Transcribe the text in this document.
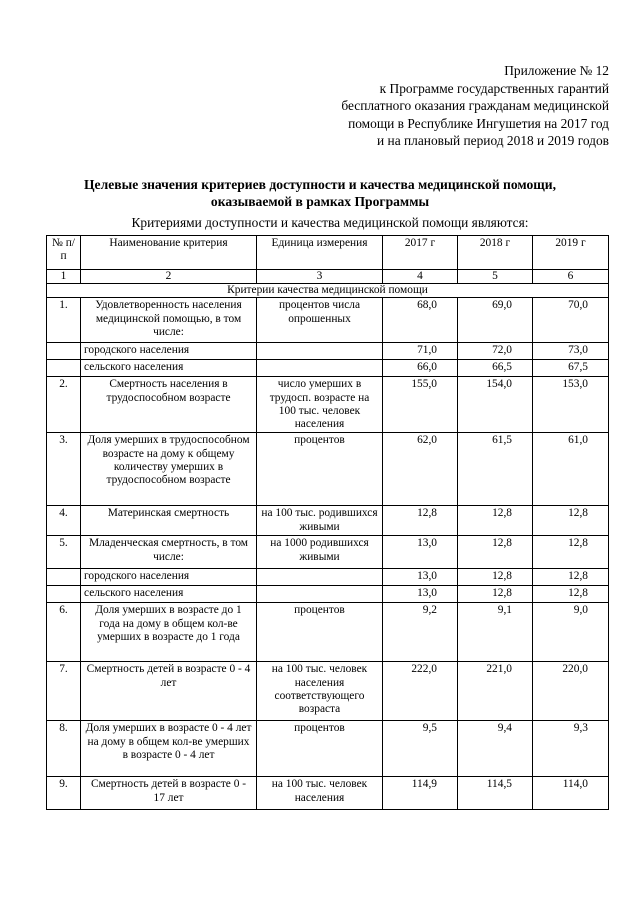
Приложение № 12
к Программе государственных гарантий
бесплатного оказания гражданам медицинской
помощи в Республике Ингушетия на 2017 год
и на плановый период 2018 и 2019 годов
Целевые значения критериев доступности и качества медицинской помощи,
оказываемой в рамках Программы
Критериями доступности и качества медицинской помощи являются:
№ п/п	Наименование критерия	Единица измерения	2017 г	2018 г	2019 г
1	2	3	4	5	6
Критерии качества медицинской помощи					
1.	Удовлетворенность населения медицинской помощью, в том числе:	процентов числа опрошенных	68,0	69,0	70,0
	городского населения		71,0	72,0	73,0
	сельского населения		66,0	66,5	67,5
2.	Смертность населения в трудоспособном возрасте	число умерших в трудосп. возрасте на 100 тыс. человек населения	155,0	154,0	153,0
3.	Доля умерших в трудоспособном возрасте на дому к общему количеству умерших в трудоспособном возрасте	процентов	62,0	61,5	61,0
4.	Материнская смертность	на 100 тыс. родившихся живыми	12,8	12,8	12,8
5.	Младенческая смертность, в том числе:	на 1000 родившихся живыми	13,0	12,8	12,8
	городского населения		13,0	12,8	12,8
	сельского населения		13,0	12,8	12,8
6.	Доля умерших в возрасте до 1 года на дому в общем кол-ве умерших в возрасте до 1 года	процентов	9,2	9,1	9,0
7.	Смертность детей в возрасте 0 - 4 лет	на 100 тыс. человек населения соответствующего возраста	222,0	221,0	220,0
8.	Доля умерших в возрасте 0 - 4 лет на дому в общем кол-ве умерших в возрасте 0 - 4 лет	процентов	9,5	9,4	9,3
9.	Смертность детей в возрасте 0 - 17 лет	на 100 тыс. человек населения	114,9	114,5	114,0
